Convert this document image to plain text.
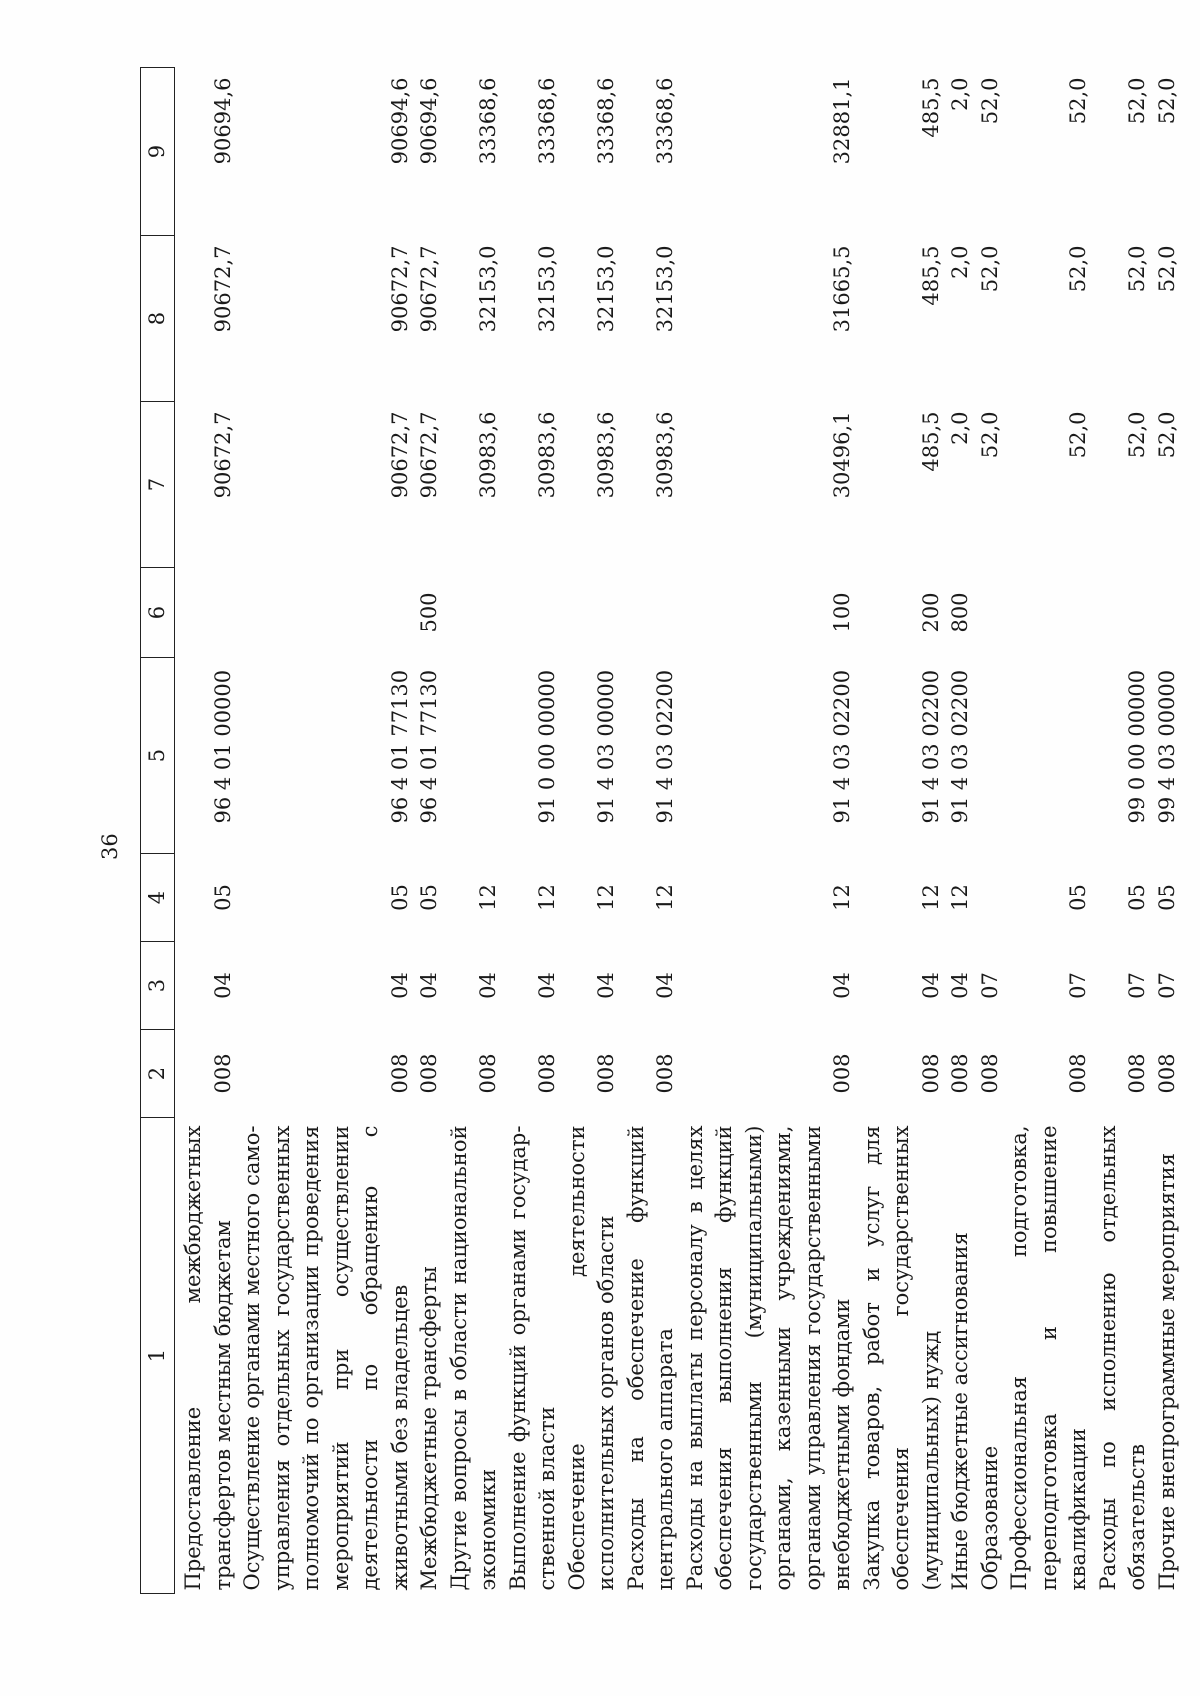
36
1	2	3	4	5	6	7	8	9
Предоставление межбюджетных трансфертов местным бюджетам	008	04	05	96 4 01 00000		90672,7	90672,7	90694,6
Осуществление органами местного самоуправления отдельных государственных полномочий по организации проведения мероприятий при осуществлении деятельности по обращению с животными без владельцев	008	04	05	96 4 01 77130		90672,7	90672,7	90694,6
Межбюджетные трансферты	008	04	05	96 4 01 77130	500	90672,7	90672,7	90694,6
Другие вопросы в области национальной экономики	008	04	12			30983,6	32153,0	33368,6
Выполнение функций органами государственной власти	008	04	12	91 0 00 00000		30983,6	32153,0	33368,6
Обеспечение деятельности исполнительных органов области	008	04	12	91 4 03 00000		30983,6	32153,0	33368,6
Расходы на обеспечение функций центрального аппарата	008	04	12	91 4 03 02200		30983,6	32153,0	33368,6
Расходы на выплаты персоналу в целях обеспечения выполнения функций государственными (муниципальными) органами, казенными учреждениями, органами управления государственными внебюджетными фондами	008	04	12	91 4 03 02200	100	30496,1	31665,5	32881,1
Закупка товаров, работ и услуг для обеспечения государственных (муниципальных) нужд	008	04	12	91 4 03 02200	200	485,5	485,5	485,5
Иные бюджетные ассигнования	008	04	12	91 4 03 02200	800	2,0	2,0	2,0
Образование	008	07				52,0	52,0	52,0
Профессиональная подготовка, переподготовка и повышение квалификации	008	07	05			52,0	52,0	52,0
Расходы по исполнению отдельных обязательств	008	07	05	99 0 00 00000		52,0	52,0	52,0
Прочие внепрограммные мероприятия	008	07	05	99 4 03 00000		52,0	52,0	52,0
